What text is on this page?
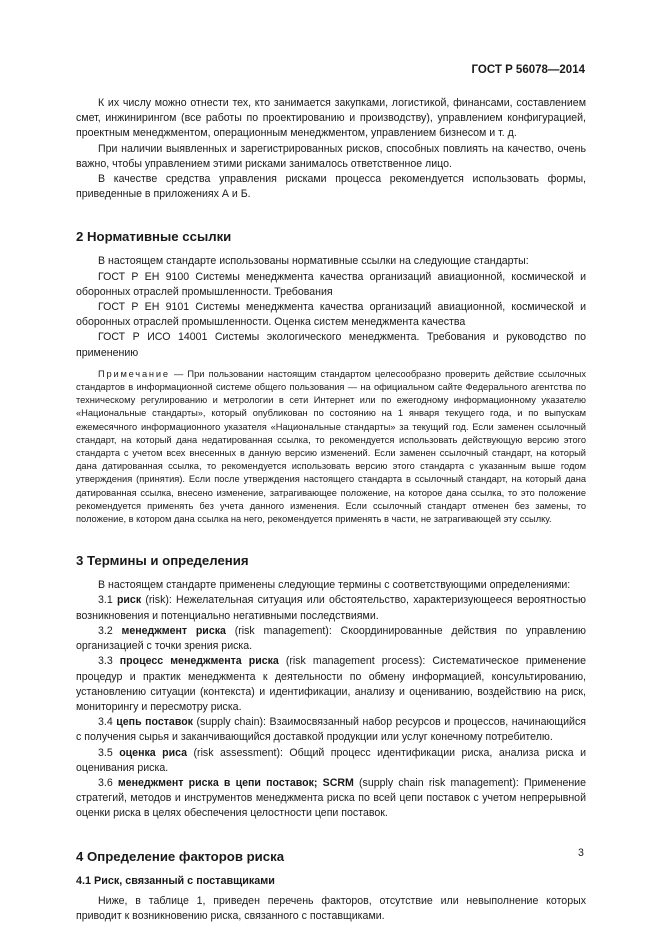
ГОСТ Р 56078—2014

К их числу можно отнести тех, кто занимается закупками, логистикой, финансами, составлением смет, инжинирингом (все работы по проектированию и производству), управлением конфигурацией, проектным менеджментом, операционным менеджментом, управлением бизнесом и т. д.

При наличии выявленных и зарегистрированных рисков, способных повлиять на качество, очень важно, чтобы управлением этими рисками занималось ответственное лицо.

В качестве средства управления рисками процесса рекомендуется использовать формы, приведенные в приложениях А и Б.

2 Нормативные ссылки

В настоящем стандарте использованы нормативные ссылки на следующие стандарты:

ГОСТ Р ЕН 9100 Системы менеджмента качества организаций авиационной, космической и оборонных отраслей промышленности. Требования

ГОСТ Р ЕН 9101 Системы менеджмента качества организаций авиационной, космической и оборонных отраслей промышленности. Оценка систем менеджмента качества

ГОСТ Р ИСО 14001 Системы экологического менеджмента. Требования и руководство по применению

Примечание — При пользовании настоящим стандартом целесообразно проверить действие ссылочных стандартов в информационной системе общего пользования — на официальном сайте Федерального агентства по техническому регулированию и метрологии в сети Интернет или по ежегодному информационному указателю «Национальные стандарты», который опубликован по состоянию на 1 января текущего года, и по выпускам ежемесячного информационного указателя «Национальные стандарты» за текущий год. Если заменен ссылочный стандарт, на который дана недатированная ссылка, то рекомендуется использовать действующую версию этого стандарта с учетом всех внесенных в данную версию изменений. Если заменен ссылочный стандарт, на который дана датированная ссылка, то рекомендуется использовать версию этого стандарта с указанным выше годом утверждения (принятия). Если после утверждения настоящего стандарта в ссылочный стандарт, на который дана датированная ссылка, внесено изменение, затрагивающее положение, на которое дана ссылка, то это положение рекомендуется применять без учета данного изменения. Если ссылочный стандарт отменен без замены, то положение, в котором дана ссылка на него, рекомендуется применять в части, не затрагивающей эту ссылку.

3 Термины и определения

В настоящем стандарте применены следующие термины с соответствующими определениями:

3.1 риск (risk): Нежелательная ситуация или обстоятельство, характеризующееся вероятностью возникновения и потенциально негативными последствиями.

3.2 менеджмент риска (risk management): Скоординированные действия по управлению организацией с точки зрения риска.

3.3 процесс менеджмента риска (risk management process): Систематическое применение процедур и практик менеджмента к деятельности по обмену информацией, консультированию, установлению ситуации (контекста) и идентификации, анализу и оцениванию, воздействию на риск, мониторингу и пересмотру риска.

3.4 цепь поставок (supply chain): Взаимосвязанный набор ресурсов и процессов, начинающийся с получения сырья и заканчивающийся доставкой продукции или услуг конечному потребителю.

3.5 оценка риса (risk assessment): Общий процесс идентификации риска, анализа риска и оценивания риска.

3.6 менеджмент риска в цепи поставок; SCRM (supply chain risk management): Применение стратегий, методов и инструментов менеджмента риска по всей цепи поставок с учетом непрерывной оценки риска в целях обеспечения целостности цепи поставок.

4 Определение факторов риска
4.1 Риск, связанный с поставщиками

Ниже, в таблице 1, приведен перечень факторов, отсутствие или невыполнение которых приводит к возникновению риска, связанного с поставщиками.

3
